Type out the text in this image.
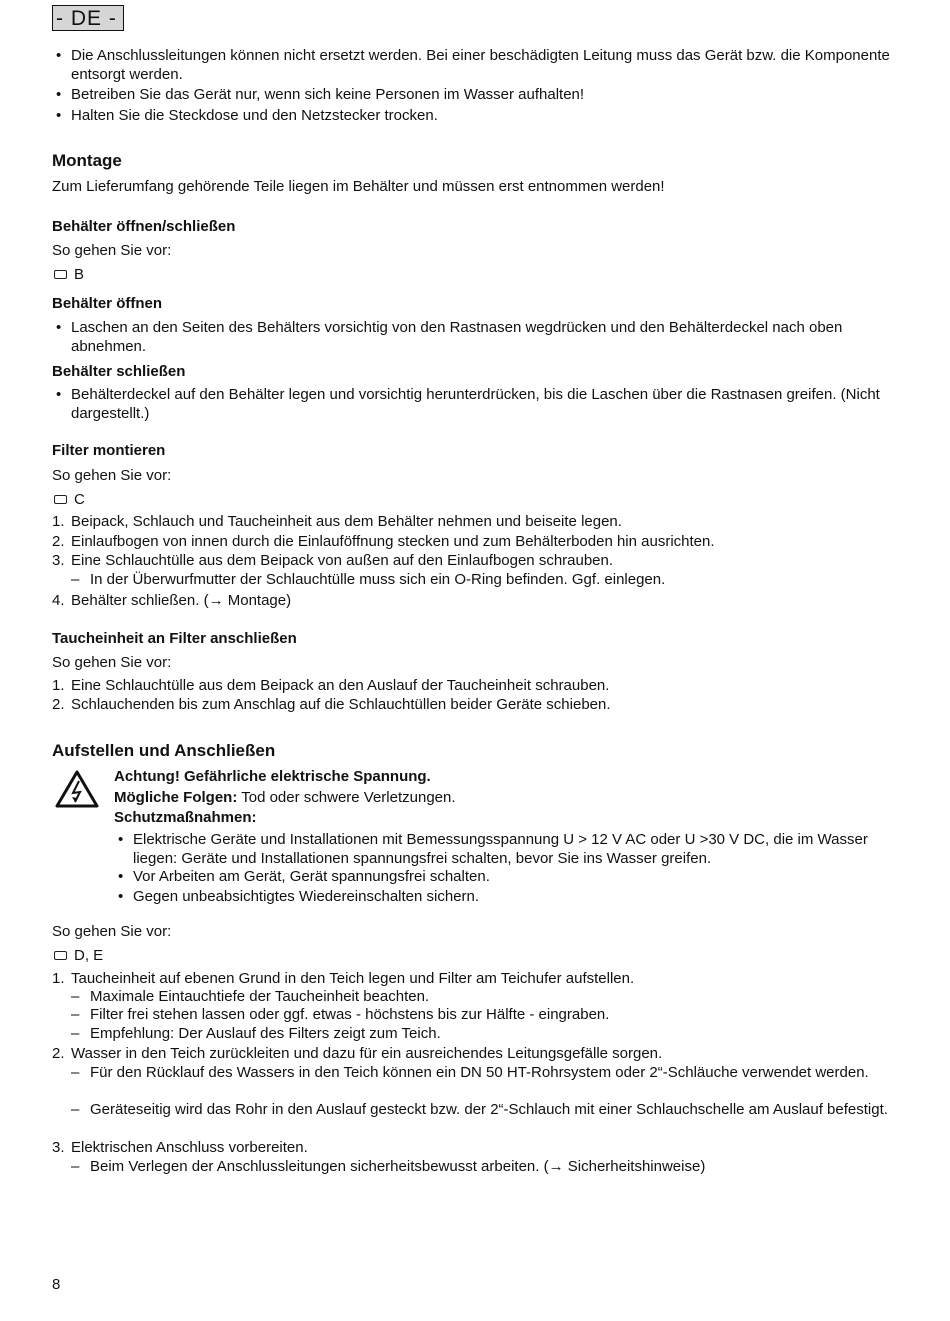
- DE -
• Die Anschlussleitungen können nicht ersetzt werden. Bei einer beschädigten Leitung muss das Gerät bzw. die Komponente entsorgt werden.
• Betreiben Sie das Gerät nur, wenn sich keine Personen im Wasser aufhalten!
• Halten Sie die Steckdose und den Netzstecker trocken.
Montage
Zum Lieferumfang gehörende Teile liegen im Behälter und müssen erst entnommen werden!
Behälter öffnen/schließen
So gehen Sie vor:
B
Behälter öffnen
• Laschen an den Seiten des Behälters vorsichtig von den Rastnasen wegdrücken und den Behälterdeckel nach oben abnehmen.
Behälter schließen
• Behälterdeckel auf den Behälter legen und vorsichtig herunterdrücken, bis die Laschen über die Rastnasen greifen. (Nicht dargestellt.)
Filter montieren
So gehen Sie vor:
C
1. Beipack, Schlauch und Taucheinheit aus dem Behälter nehmen und beiseite legen.
2. Einlaufbogen von innen durch die Einlauföffnung stecken und zum Behälterboden hin ausrichten.
3. Eine Schlauchtülle aus dem Beipack von außen auf den Einlaufbogen schrauben.
– In der Überwurfmutter der Schlauchtülle muss sich ein O-Ring befinden. Ggf. einlegen.
4. Behälter schließen. (→ Montage)
Taucheinheit an Filter anschließen
So gehen Sie vor:
1. Eine Schlauchtülle aus dem Beipack an den Auslauf der Taucheinheit schrauben.
2. Schlauchenden bis zum Anschlag auf die Schlauchtüllen beider Geräte schieben.
Aufstellen und Anschließen
Achtung! Gefährliche elektrische Spannung.
Mögliche Folgen: Tod oder schwere Verletzungen.
Schutzmaßnahmen:
• Elektrische Geräte und Installationen mit Bemessungsspannung U > 12 V AC oder U >30 V DC, die im Wasser liegen: Geräte und Installationen spannungsfrei schalten, bevor Sie ins Wasser greifen.
• Vor Arbeiten am Gerät, Gerät spannungsfrei schalten.
• Gegen unbeabsichtigtes Wiedereinschalten sichern.
So gehen Sie vor:
D, E
1. Taucheinheit auf ebenen Grund in den Teich legen und Filter am Teichufer aufstellen.
– Maximale Eintauchtiefe der Taucheinheit beachten.
– Filter frei stehen lassen oder ggf. etwas - höchstens bis zur Hälfte - eingraben.
– Empfehlung: Der Auslauf des Filters zeigt zum Teich.
2. Wasser in den Teich zurückleiten und dazu für ein ausreichendes Leitungsgefälle sorgen.
– Für den Rücklauf des Wassers in den Teich können ein DN 50 HT-Rohrsystem oder 2“-Schläuche verwendet werden.
– Geräteseitig wird das Rohr in den Auslauf gesteckt bzw. der 2“-Schlauch mit einer Schlauchschelle am Auslauf befestigt.
3. Elektrischen Anschluss vorbereiten.
– Beim Verlegen der Anschlussleitungen sicherheitsbewusst arbeiten. (→ Sicherheitshinweise)
8
